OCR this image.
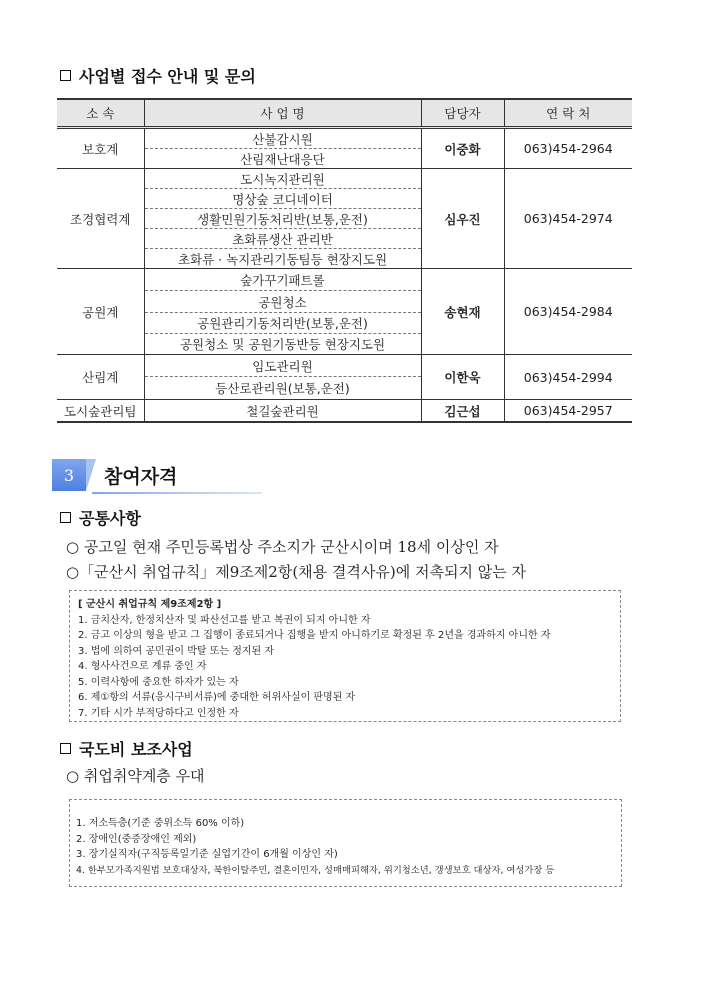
사업별 접수 안내 및 문의
소 속	사 업 명	담당자	연 락 처
보호계	산불감시원	이중화	063)454-2964
	산림재난대응단		
조경협력계	도시녹지관리원	심우진	063)454-2974
	명상숲 코디네이터		
	생활민원기동처리반(보통,운전)		
	초화류생산 관리반		
	초화류 · 녹지관리기동팀등 현장지도원		
공원계	숲가꾸기패트롤	송현재	063)454-2984
	공원청소		
	공원관리기동처리반(보통,운전)		
	공원청소 및 공원기동반등 현장지도원		
산림계	임도관리원	이한욱	063)454-2994
	등산로관리원(보통,운전)		
도시숲관리팀	철길숲관리원	김근섭	063)454-2957
3	참여자격
공통사항
○ 공고일 현재 주민등록법상 주소지가 군산시이며 18세 이상인 자
○「군산시 취업규칙」제9조제2항(채용 결격사유)에 저촉되지 않는 자
[ 군산시 취업규칙 제9조제2항 ]
1. 금치산자, 한정치산자 및 파산선고를 받고 복권이 되지 아니한 자
2. 금고 이상의 형을 받고 그 집행이 종료되거나 집행을 받지 아니하기로 확정된 후 2년을 경과하지 아니한 자
3. 법에 의하여 공민권이 박탈 또는 정지된 자
4. 형사사건으로 계류 중인 자
5. 이력사항에 중요한 하자가 있는 자
6. 제①항의 서류(응시구비서류)에 중대한 허위사실이 판명된 자
7. 기타 시가 부적당하다고 인정한 자
국도비 보조사업
○ 취업취약계층 우대
1. 저소득층(기준 중위소득 60% 이하)
2. 장애인(중증장애인 제외)
3. 장기실직자(구직등록일기준 실업기간이 6개월 이상인 자)
4. 한부모가족지원법 보호대상자, 북한이탈주민, 결혼이민자, 성매매피해자, 위기청소년, 갱생보호 대상자, 여성가장 등
